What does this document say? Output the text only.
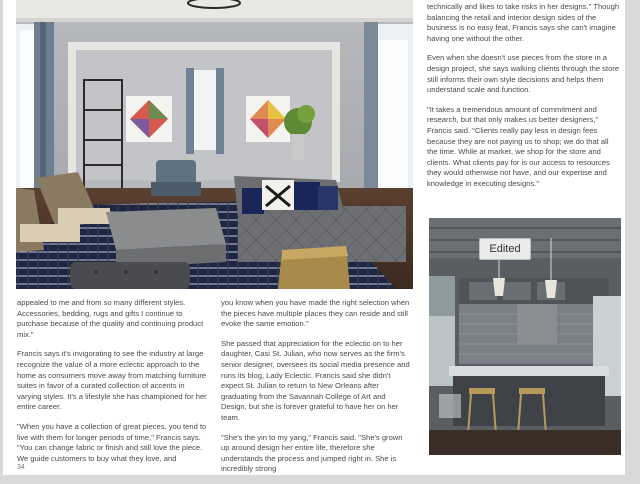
Edited

appealed to me and from so many different styles. Accessories, bedding, rugs and gifts I continue to purchase because of the quality and continuing product mix."

Francis says it's invigorating to see the industry at large recognize the value of a more eclectic approach to the home as consumers move away from matching furniture suites in favor of a curated collection of accents in varying styles. It's a lifestyle she has championed for her entire career.

"When you have a collection of great pieces, you tend to live with them for longer periods of time," Francis says. "You can change fabric or finish and still love the piece. We guide customers to buy what they love, and

you know when you have made the right selection when the pieces have multiple places they can reside and still evoke the same emotion."

She passed that appreciation for the eclectic on to her daughter, Casi St. Julian, who now serves as the firm's senior designer, oversees its social media presence and runs its blog, Lady Eclectic. Francis said she didn't expect St. Julian to return to New Orleans after graduating from the Savannah College of Art and Design, but she is forever grateful to have her on her team.

"She's the yin to my yang," Francis said. "She's grown up around design her entire life, therefore she understands the process and jumped right in. She is incredibly strong

technically and likes to take risks in her designs." Though balancing the retail and interior design sides of the business is no easy feat, Francis says she can't imagine having one without the other.

Even when she doesn't use pieces from the store in a design project, she says walking clients through the store still informs their own style decisions and helps them understand scale and function.

"It takes a tremendous amount of commitment and research, but that only makes us better designers," Francis said. "Clients really pay less in design fees because they are not paying us to shop; we do that all the time. While at market, we shop for the store and clients. What clients pay for is our access to resources they would otherwise not have, and our expertise and knowledge in executing designs."

34
